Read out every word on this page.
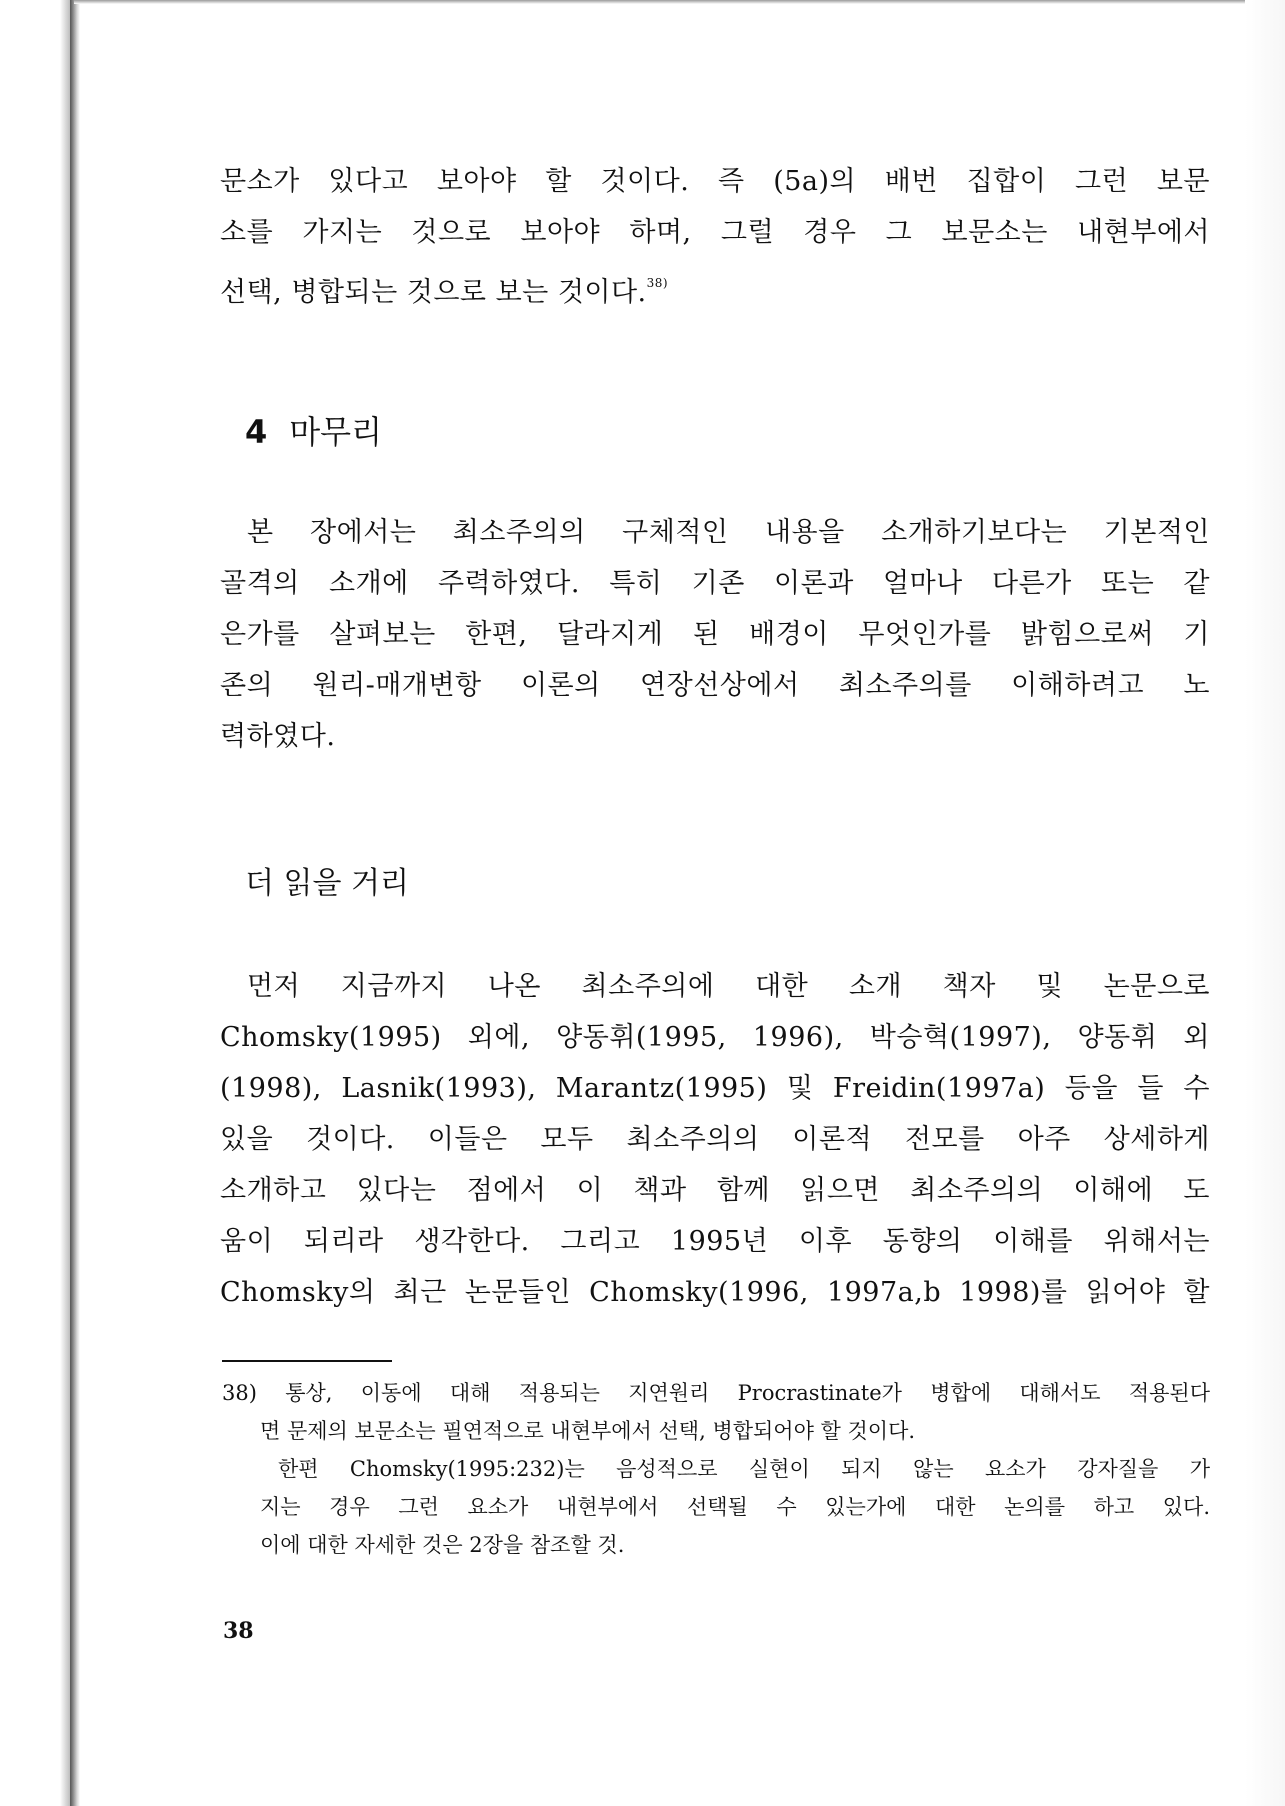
문소가 있다고 보아야 할 것이다. 즉 (5a)의 배번 집합이 그런 보문
소를 가지는 것으로 보아야 하며, 그럴 경우 그 보문소는 내현부에서
선택, 병합되는 것으로 보는 것이다.$^{38)}$
4 마무리
본 장에서는 최소주의의 구체적인 내용을 소개하기보다는 기본적인
골격의 소개에 주력하였다. 특히 기존 이론과 얼마나 다른가 또는 같
은가를 살펴보는 한편, 달라지게 된 배경이 무엇인가를 밝힘으로써 기
존의 원리-매개변항 이론의 연장선상에서 최소주의를 이해하려고 노
력하였다.
더 읽을 거리
먼저 지금까지 나온 최소주의에 대한 소개 책자 및 논문으로
Chomsky(1995) 외에, 양동휘(1995, 1996), 박승혁(1997), 양동휘 외
(1998), Lasnik(1993), Marantz(1995) 및 Freidin(1997a) 등을 들 수
있을 것이다. 이들은 모두 최소주의의 이론적 전모를 아주 상세하게
소개하고 있다는 점에서 이 책과 함께 읽으면 최소주의의 이해에 도
움이 되리라 생각한다. 그리고 1995년 이후 동향의 이해를 위해서는
Chomsky의 최근 논문들인 Chomsky(1996, 1997a,b 1998)를 읽어야 할
38) 통상, 이동에 대해 적용되는 지연원리 Procrastinate가 병합에 대해서도 적용된다
면 문제의 보문소는 필연적으로 내현부에서 선택, 병합되어야 할 것이다.
한편 Chomsky(1995:232)는 음성적으로 실현이 되지 않는 요소가 강자질을 가
지는 경우 그런 요소가 내현부에서 선택될 수 있는가에 대한 논의를 하고 있다.
이에 대한 자세한 것은 2장을 참조할 것.
38
